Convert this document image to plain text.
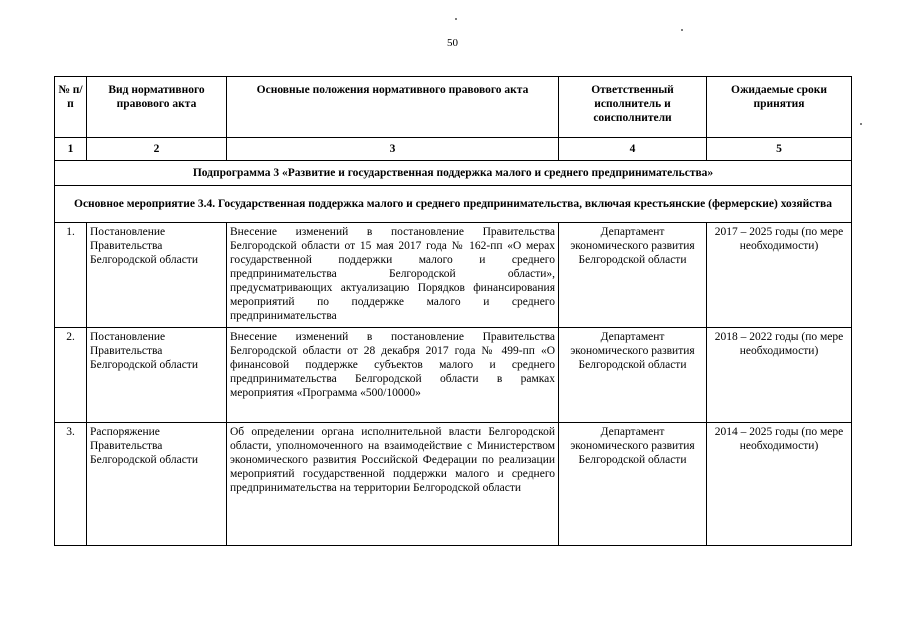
50
№ п/п	Вид нормативного правового акта	Основные положения нормативного правового акта	Ответственный исполнитель и соисполнители	Ожидаемые сроки принятия
1	2	3	4	5
Подпрограмма 3 «Развитие и государственная поддержка малого и среднего предпринимательства»				
Основное мероприятие 3.4. Государственная поддержка малого и среднего предпринимательства, включая крестьянские (фермерские) хозяйства				
1.	Постановление Правительства Белгородской области	Внесение изменений в постановление Правительства Белгородской области от 15 мая 2017 года № 162-пп «О мерах государственной поддержки малого и среднего предпринимательства Белгородской области», предусматривающих актуализацию Порядков финансирования мероприятий по поддержке малого и среднего предпринимательства	Департамент экономического развития Белгородской области	2017 – 2025 годы (по мере необходимости)
2.	Постановление Правительства Белгородской области	Внесение изменений в постановление Правительства Белгородской области от 28 декабря 2017 года № 499-пп «О финансовой поддержке субъектов малого и среднего предпринимательства Белгородской области в рамках мероприятия «Программа «500/10000»	Департамент экономического развития Белгородской области	2018 – 2022 годы (по мере необходимости)
3.	Распоряжение Правительства Белгородской области	Об определении органа исполнительной власти Белгородской области, уполномоченного на взаимодействие с Министерством экономического развития Российской Федерации по реализации мероприятий государственной поддержки малого и среднего предпринимательства на территории Белгородской области	Департамент экономического развития Белгородской области	2014 – 2025 годы (по мере необходимости)
